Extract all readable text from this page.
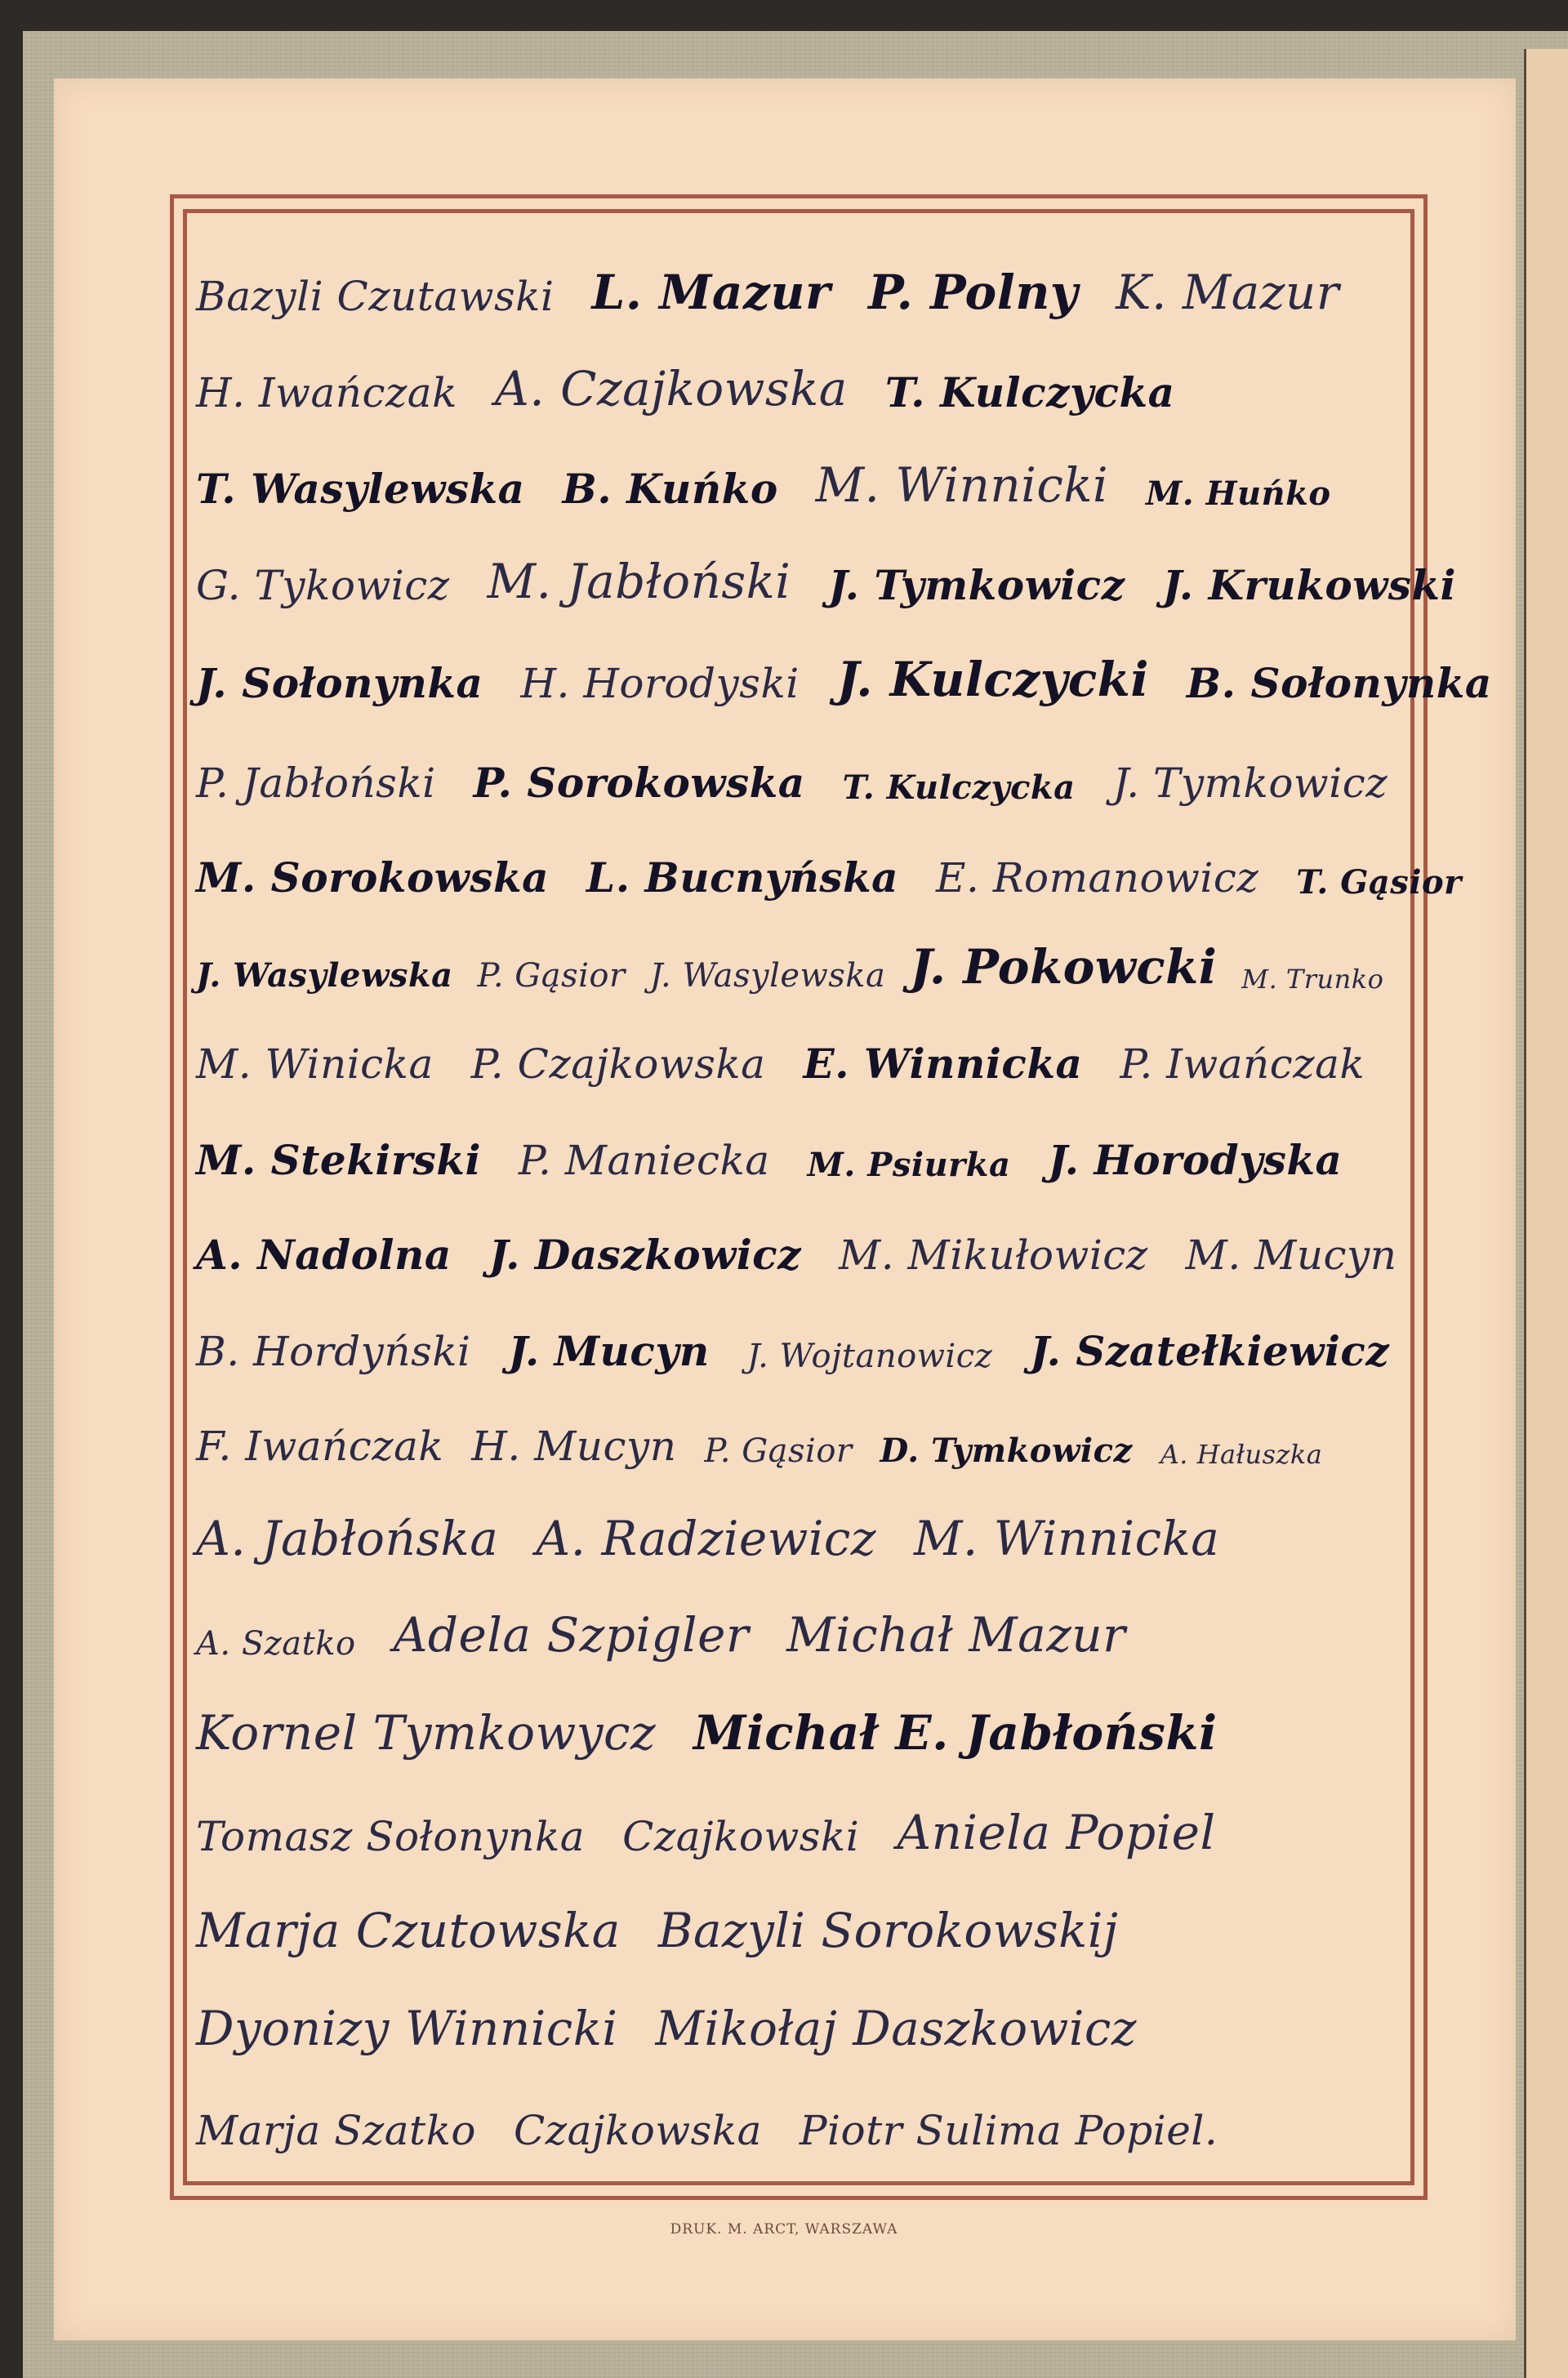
Bazyli Czutawski L. Mazur P. Polny K. Mazur
H. Iwańczak A. Czajkowska T. Kulczycka
T. Wasylewska B. Kuńko M. Winnicki M. Huńko
G. Tykowicz M. Jabłoński J. Tymkowicz J. Krukowski
J. Sołonynka H. Horodyski J. Kulczycki B. Sołonynka
P. Jabłoński P. Sorokowska T. Kulczycka J. Tymkowicz
M. Sorokowska L. Bucnyńska E. Romanowicz T. Gąsior
J. Wasylewska P. Gąsior J. Wasylewska J. Pokowcki M. Trunko
M. Winicka P. Czajkowska E. Winnicka P. Iwańczak
M. Stekirski P. Maniecka M. Psiurka J. Horodyska
A. Nadolna J. Daszkowicz M. Mikułowicz M. Mucyn
B. Hordyński J. Mucyn J. Wojtanowicz J. Szatełkiewicz
F. Iwańczak H. Mucyn P. Gąsior D. Tymkowicz A. Hałuszka
A. Jabłońska A. Radziewicz M. Winnicka
A. Szatko Adela Szpigler Michał Mazur
Kornel Tymkowycz Michał E. Jabłoński
Tomasz Sołonynka Czajkowski Aniela Popiel
Marja Czutowska Bazyli Sorokowskij
Dyonizy Winnicki Mikołaj Daszkowicz
Marja Szatko Czajkowska Piotr Sulima Popiel.
DRUK. M. ARCT, WARSZAWA
